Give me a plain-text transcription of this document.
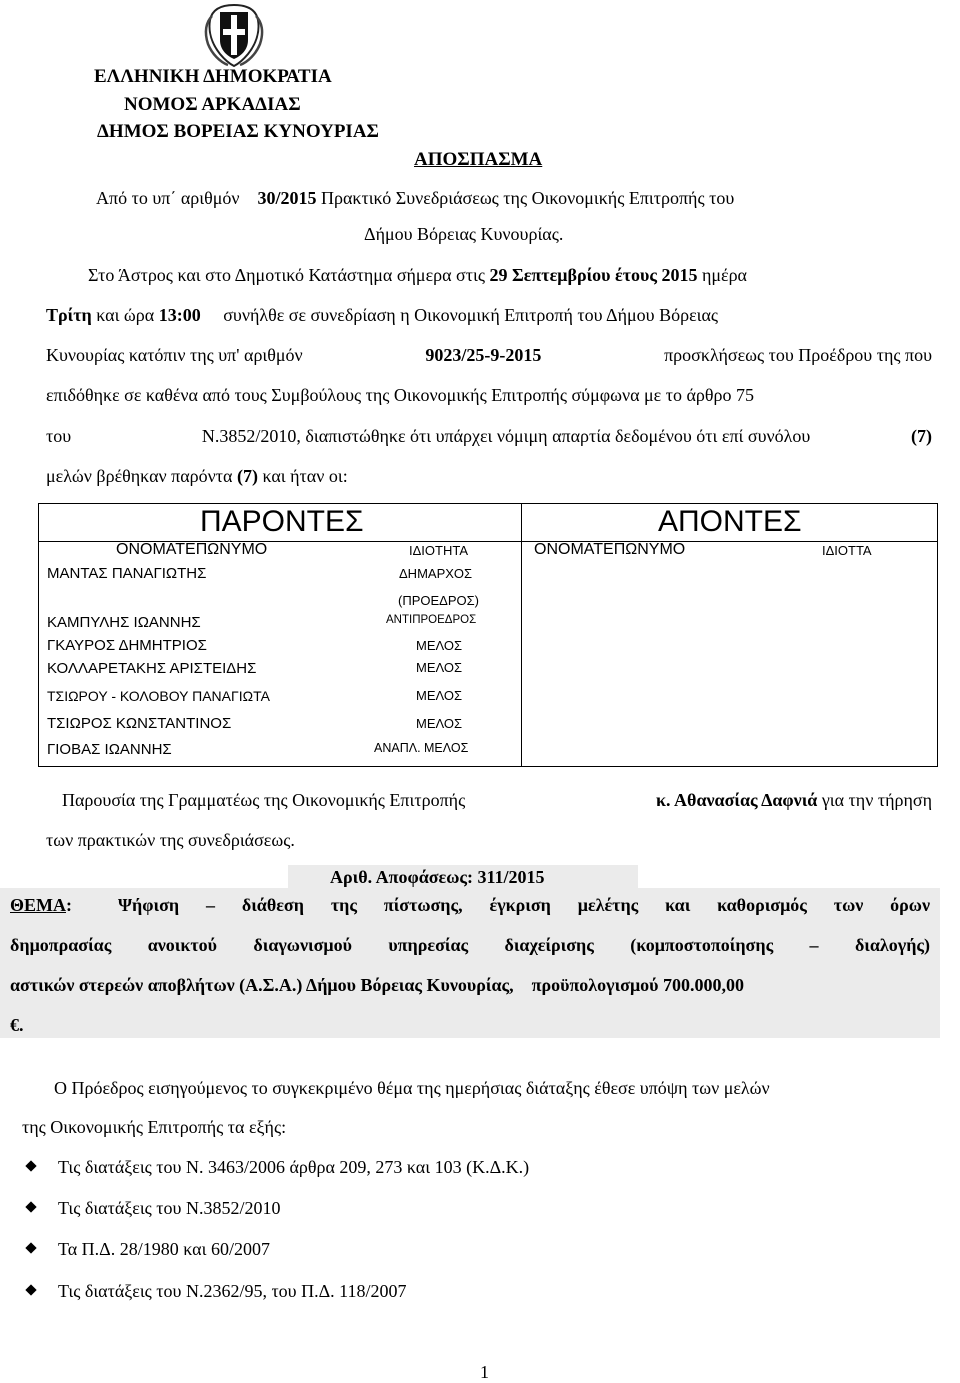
ΕΛΛΗΝΙΚΗ ΔΗΜΟΚΡΑΤΙΑ
ΝΟΜΟΣ ΑΡΚΑΔΙΑΣ
ΔΗΜΟΣ ΒΟΡΕΙΑΣ ΚΥΝΟΥΡΙΑΣ
ΑΠΟΣΠΑΣΜΑ
Από το υπ΄ αριθμόν 30/2015 Πρακτικό Συνεδριάσεως της Οικονομικής Επιτροπής του
Δήμου Βόρειας Κυνουρίας.
Στο Άστρος και στο Δημοτικό Κατάστημα σήμερα στις 29 Σεπτεμβρίου έτους 2015 ημέρα
Τρίτη και ώρα 13:00 συνήλθε σε συνεδρίαση η Οικονομική Επιτροπή του Δήμου Βόρειας
Κυνουρίας κατόπιν της υπ' αριθμόν	9023/25-9-2015	προσκλήσεως του Προέδρου της που
επιδόθηκε σε καθένα από τους Συμβούλους της Οικονομικής Επιτροπής σύμφωνα με το άρθρο 75
του	Ν.3852/2010, διαπιστώθηκε ότι υπάρχει νόμιμη απαρτία δεδομένου ότι επί συνόλου	(7)
μελών βρέθηκαν παρόντα (7) και ήταν οι:
ΠΑΡΟΝΤΕΣ	ΑΠΟΝΤΕΣ
ΟΝΟΜΑΤΕΠΩΝΥΜΟ	ΙΔΙΟΤΗΤΑ	ΟΝΟΜΑΤΕΠΩΝΥΜΟ	ΙΔΙΟΤΤΑ
ΜΑΝΤΑΣ ΠΑΝΑΓΙΩΤΗΣ	ΔΗΜΑΡΧΟΣ
(ΠΡΟΕΔΡΟΣ)
ΚΑΜΠΥΛΗΣ ΙΩΑΝΝΗΣ	ΑΝΤΙΠΡΟΕΔΡΟΣ
ΓΚΑΥΡΟΣ ΔΗΜΗΤΡΙΟΣ	ΜΕΛΟΣ
ΚΟΛΛΑΡΕΤΑΚΗΣ ΑΡΙΣΤΕΙΔΗΣ	ΜΕΛΟΣ
ΤΣΙΩΡΟΥ - ΚΟΛΟΒΟΥ ΠΑΝΑΓΙΩΤΑ	ΜΕΛΟΣ
ΤΣΙΩΡΟΣ ΚΩΝΣΤΑΝΤΙΝΟΣ	ΜΕΛΟΣ
ΓΙΟΒΑΣ ΙΩΑΝΝΗΣ	ΑΝΑΠΛ. ΜΕΛΟΣ
Παρουσία της Γραμματέως της Οικονομικής Επιτροπής	κ. Αθανασίας Δαφνιά για την τήρηση
των πρακτικών της συνεδριάσεως.
Αριθ. Αποφάσεως: 311/2015
ΘΕΜΑ:	Ψήφιση – διάθεση της πίστωσης, έγκριση μελέτης και καθορισμός των όρων
δημοπρασίας ανοικτού διαγωνισμού υπηρεσίας διαχείρισης (κομποστοποίησης – διαλογής)
αστικών στερεών αποβλήτων (Α.Σ.Α.) Δήμου Βόρειας Κυνουρίας, προϋπολογισμού 700.000,00
€.
Ο Πρόεδρος εισηγούμενος το συγκεκριμένο θέμα της ημερήσιας διάταξης έθεσε υπόψη των μελών
της Οικονομικής Επιτροπής τα εξής:
Τις διατάξεις του Ν. 3463/2006 άρθρα 209, 273 και 103 (Κ.Δ.Κ.)
Τις διατάξεις του Ν.3852/2010
Τα Π.Δ. 28/1980 και 60/2007
Τις διατάξεις του Ν.2362/95, του Π.Δ. 118/2007
1
